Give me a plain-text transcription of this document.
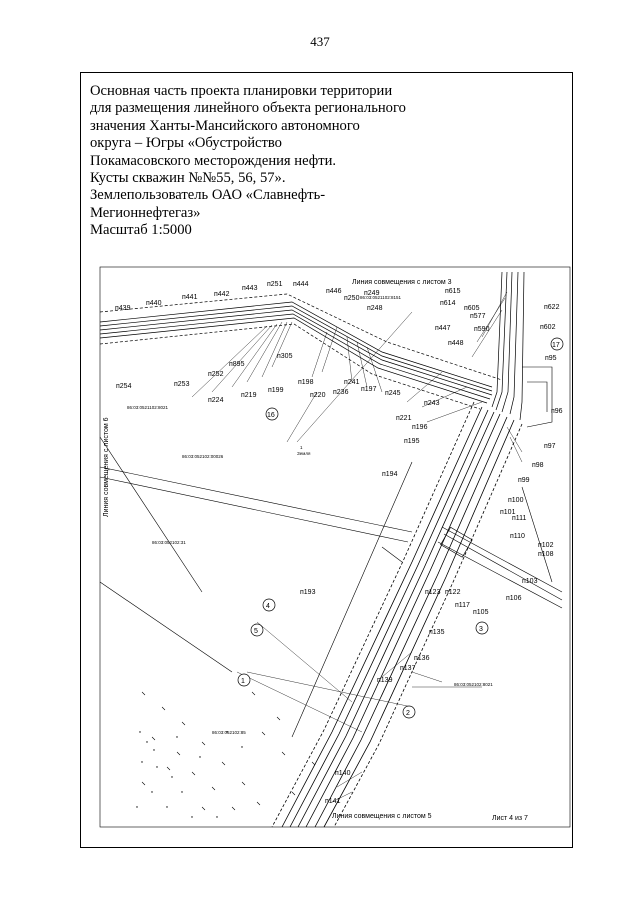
437
Основная часть проекта планировки территории
для размещения линейного объекта регионального
значения Ханты-Мансийского автономного
округа – Югры «Обустройство
Покамасовского месторождения нефти.
Кусты скважин №№55, 56, 57».
Землепользователь ОАО «Славнефть-
Мегионнефтегаз»
Масштаб 1:5000
Линия совмещения с листом 3
Линия совмещения с листом 5	Лист 4 из 7
Линия совмещения с листом 6
86:03:0521102:8151
86:03:0521102:8021
86:03:052102:00026
86:03:052102:31
86:03:052102:8021
86:03:052102:85
1
Земля
п439
п440
п441 п442
п443
п251 п444
п446
п250
п249
п248
п615
п614
п605
п577
п590
п622
п602
п447
п448
п95
п96
п97
п98
п99
п254	п253
п252
п895
п305
п224
п219
п199
п198
п220 п236
п241
п197
п245
п243
п221
п196
п195
п194
п100
п101
п111
п110
п102
п108
п103
п106
п105
п193	п123 п122
п117
п135
п136
п137
п139
п140
п141
16
17
3
2
4
5
1
